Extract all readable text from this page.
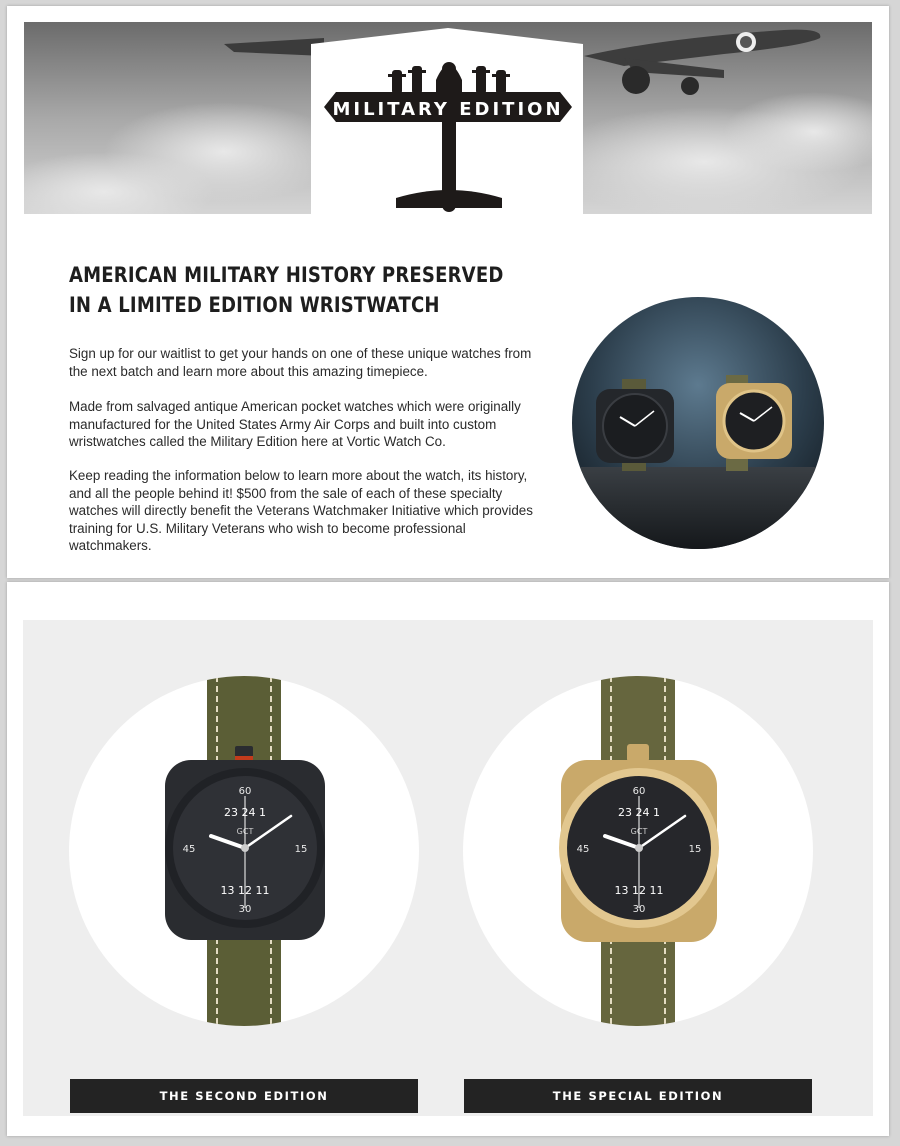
MILITARY EDITION
AMERICAN MILITARY HISTORY PRESERVED
IN A LIMITED EDITION WRISTWATCH

Sign up for our waitlist to get your hands on one of these unique watches from the next batch and learn more about this amazing timepiece.

Made from salvaged antique American pocket watches which were originally manufactured for the United States Army Air Corps and built into custom wristwatches called the Military Edition here at Vortic Watch Co.

Keep reading the information below to learn more about the watch, its history, and all the people behind it! $500 from the sale of each of these specialty watches will directly benefit the Veterans Watchmaker Initiative which provides training for U.S. Military Veterans who wish to become professional watchmakers.

60
30
45	15
23 24 1
13 12 11
GCT
60
30
45	15
23 24 1
13 12 11
GCT
THE SECOND EDITION	THE SPECIAL EDITION
